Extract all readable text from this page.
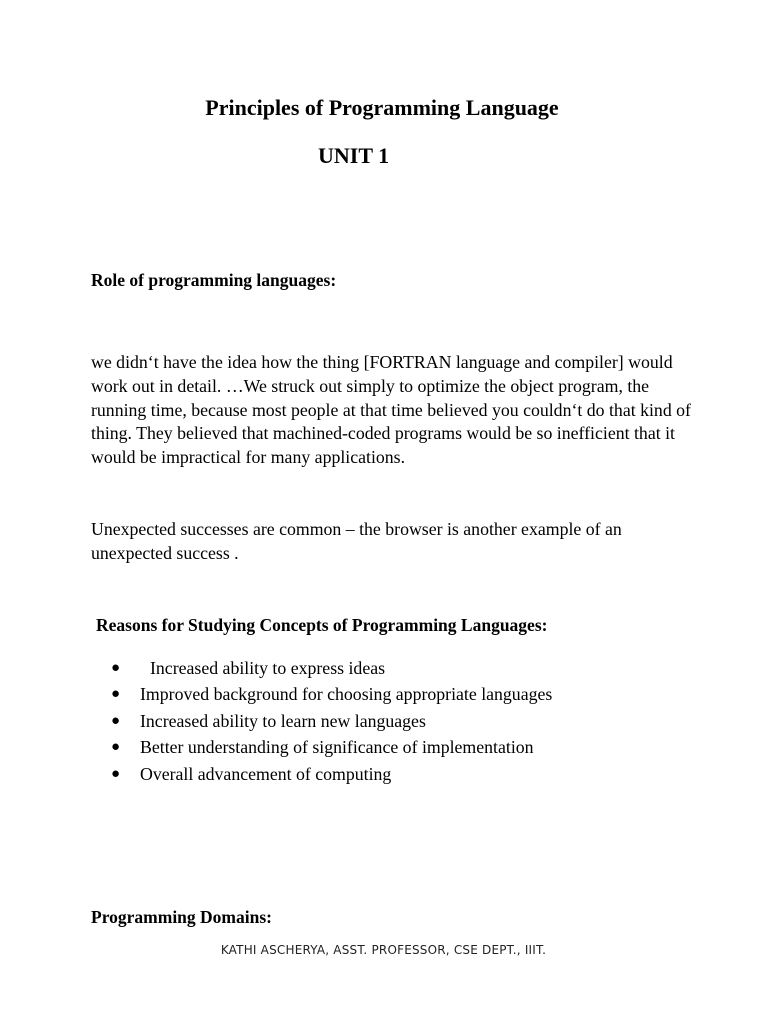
Principles of Programming Language
UNIT 1
Role of programming languages:

we didn‘t have the idea how the thing [FORTRAN language and compiler] would work out in detail. …We struck out simply to optimize the object program, the running time, because most people at that time believed you couldn‘t do that kind of thing. They believed that machined-coded programs would be so inefficient that it would be impractical for many applications.

Unexpected successes are common – the browser is another example of an unexpected success .

Reasons for Studying Concepts of Programming Languages:
● Increased ability to express ideas
● Improved background for choosing appropriate languages
● Increased ability to learn new languages
● Better understanding of significance of implementation
● Overall advancement of computing
Programming Domains:
KATHI ASCHERYA, ASST. PROFESSOR, CSE DEPT., IIIT.
